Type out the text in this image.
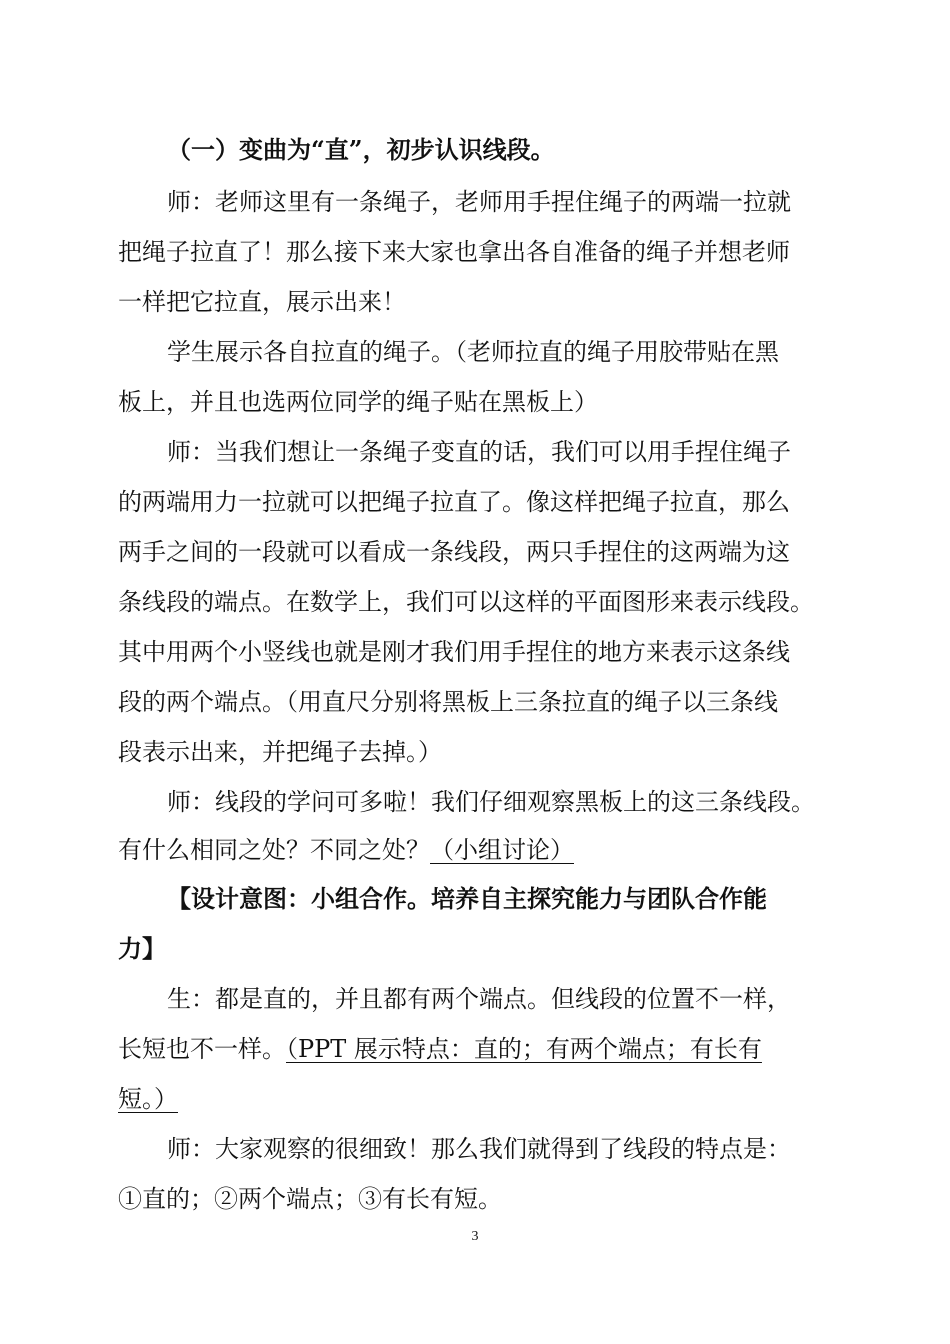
（一）变曲为“直”，初步认识线段。
师：老师这里有一条绳子，老师用手捏住绳子的两端一拉就
把绳子拉直了！那么接下来大家也拿出各自准备的绳子并想老师
一样把它拉直，展示出来！
学生展示各自拉直的绳子。（老师拉直的绳子用胶带贴在黑
板上，并且也选两位同学的绳子贴在黑板上）
师：当我们想让一条绳子变直的话，我们可以用手捏住绳子
的两端用力一拉就可以把绳子拉直了。像这样把绳子拉直，那么
两手之间的一段就可以看成一条线段，两只手捏住的这两端为这
条线段的端点。在数学上，我们可以这样的平面图形来表示线段。
其中用两个小竖线也就是刚才我们用手捏住的地方来表示这条线
段的两个端点。（用直尺分别将黑板上三条拉直的绳子以三条线
段表示出来，并把绳子去掉。）
师：线段的学问可多啦！我们仔细观察黑板上的这三条线段。
有什么相同之处？不同之处？（小组讨论）
【设计意图：小组合作。培养自主探究能力与团队合作能
力】
生：都是直的，并且都有两个端点。但线段的位置不一样，
长短也不一样。（PPT 展示特点：直的；有两个端点；有长有
短。）
师：大家观察的很细致！那么我们就得到了线段的特点是：
①直的；②两个端点；③有长有短。
3
